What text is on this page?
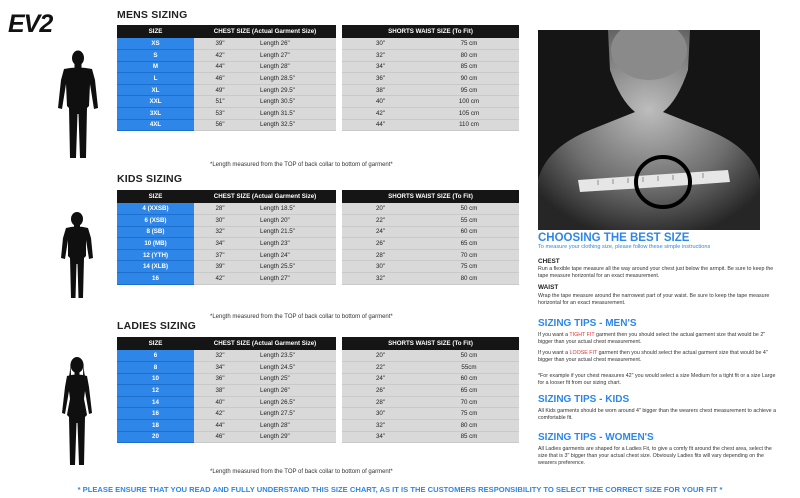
EV2	MENS SIZING
KIDS SIZING
LADIES SIZING
SIZE	CHEST SIZE (Actual Garment Size)			SHORTS WAIST SIZE (To Fit)	
XS	39"	Length 26"		30"	75 cm
S	42"	Length 27"		32"	80 cm
M	44"	Length 28"		34"	85 cm
L	46"	Length 28.5"		36"	90 cm
XL	49"	Length 29.5"		38"	95 cm
XXL	51"	Length 30.5"		40"	100 cm
3XL	53"	Length 31.5"		42"	105 cm
4XL	56"	Length 32.5"		44"	110 cm
*Length measured from the TOP of back collar to bottom of garment*
SIZE	CHEST SIZE (Actual Garment Size)			SHORTS WAIST SIZE (To Fit)	
4 (XXSB)	28"	Length 18.5"		20"	50 cm
6 (XSB)	30"	Length 20"		22"	55 cm
8 (SB)	32"	Length 21.5"		24"	60 cm
10 (MB)	34"	Length 23"		26"	65 cm
12 (YTH)	37"	Length 24"		28"	70 cm
14 (XLB)	39"	Length 25.5"		30"	75 cm
16	42"	Length 27"		32"	80 cm
*Length measured from the TOP of back collar to bottom of garment*
SIZE	CHEST SIZE (Actual Garment Size)			SHORTS WAIST SIZE (To Fit)	
6	32"	Length 23.5"		20"	50 cm
8	34"	Length 24.5"		22"	55cm
10	36"	Length 25"		24"	60 cm
12	38"	Length 26"		26"	65 cm
14	40"	Length 26.5"		28"	70 cm
16	42"	Length 27.5"		30"	75 cm
18	44"	Length 28"		32"	80 cm
20	46"	Length 29"		34"	85 cm
*Length measured from the TOP of back collar to bottom of garment*
CHOOSING THE BEST SIZE
To measure your clothing size, please follow these simple instructions
CHEST
Run a flexible tape measure all the way around your chest just below the armpit. Be sure to keep the tape measure horizontal for an exact measurement.
WAIST
Wrap the tape measure around the narrowest part of your waist. Be sure to keep the tape measure horizontal for an exact measurement.
SIZING TIPS - MEN'S
If you want a TIGHT FIT garment then you should select the actual garment size that would be 2" bigger than your actual chest measurement.
If you want a LOOSE FIT garment then you should select the actual garment size that would be 4" bigger than your actual chest measurement.
*For example if your chest measures 42" you would select a size Medium for a tight fit or a size Large for a looser fit from our sizing chart.
SIZING TIPS - KIDS
All Kids garments should be worn around 4" bigger than the wearers chest measurement to achieve a comfortable fit.
SIZING TIPS - WOMEN'S
All Ladies garments are shaped for a Ladies Fit, to give a comfy fit around the chest area, select the size that is 3" bigger than your actual chest size. Obviously Ladies fits will vary depending on the wearers preference.
* PLEASE ENSURE THAT YOU READ AND FULLY UNDERSTAND THIS SIZE CHART, AS IT IS THE CUSTOMERS RESPONSIBILITY TO SELECT THE CORRECT SIZE FOR YOUR FIT *
